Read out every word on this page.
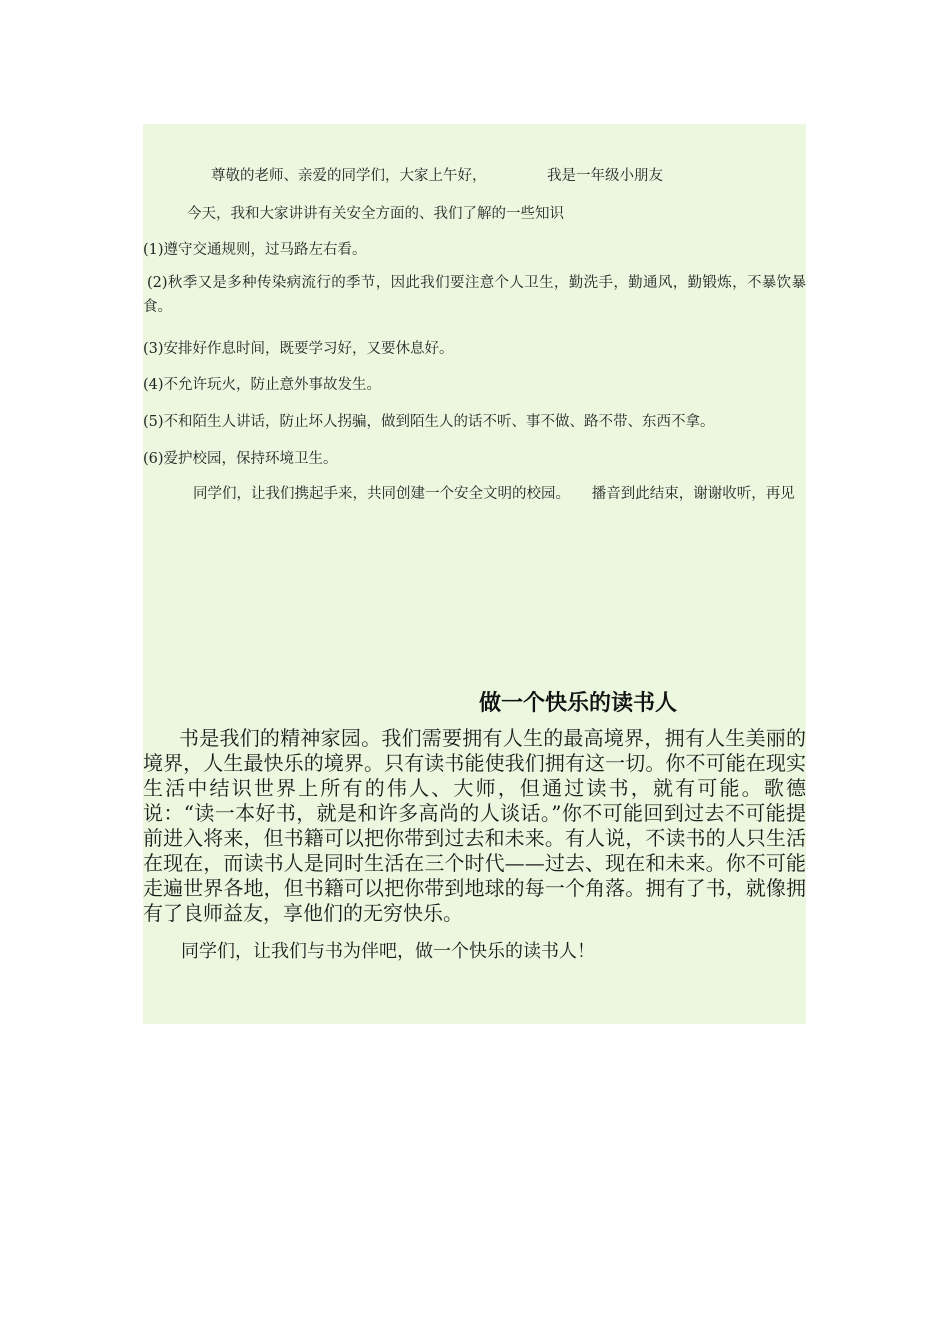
尊敬的老师、亲爱的同学们，大家上午好，	我是一年级小朋友
今天，我和大家讲讲有关安全方面的、我们了解的一些知识
(1)遵守交通规则，过马路左右看。
(2)秋季又是多种传染病流行的季节，因此我们要注意个人卫生，勤洗手，勤通风，勤锻炼，不暴饮暴食。
(3)安排好作息时间，既要学习好，又要休息好。
(4)不允许玩火，防止意外事故发生。
(5)不和陌生人讲话，防止坏人拐骗，做到陌生人的话不听、事不做、路不带、东西不拿。
(6)爱护校园，保持环境卫生。
同学们，让我们携起手来，共同创建一个安全文明的校园。　　播音到此结束，谢谢收听，再见
做一个快乐的读书人
书是我们的精神家园。我们需要拥有人生的最高境界，拥有人生美丽的境界，人生最快乐的境界。只有读书能使我们拥有这一切。你不可能在现实生活中结识世界上所有的伟人、大师，但通过读书，就有可能。歌德说：“读一本好书，就是和许多高尚的人谈话。”你不可能回到过去不可能提前进入将来，但书籍可以把你带到过去和未来。有人说，不读书的人只生活在现在，而读书人是同时生活在三个时代——过去、现在和未来。你不可能走遍世界各地，但书籍可以把你带到地球的每一个角落。拥有了书，就像拥有了良师益友，享他们的无穷快乐。
同学们，让我们与书为伴吧，做一个快乐的读书人！
